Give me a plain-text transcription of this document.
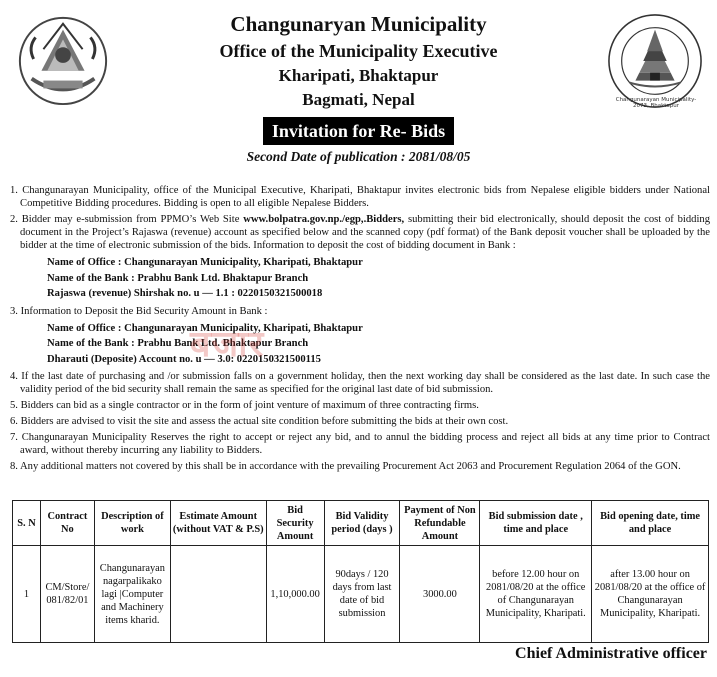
Changunarayan Municipality-2073, Bhaktapur
Changunaryan Municipality
Office of the Municipality Executive
Kharipati, Bhaktapur
Bagmati, Nepal
Invitation for Re- Bids
Second Date of publication : 2081/08/05

1. Changunarayan Municipality, office of the Municipal Executive, Kharipati, Bhaktapur invites electronic bids from Nepalese eligible bidders under National Competitive Bidding procedures. Bidding is open to all eligible Nepalese Bidders.

2. Bidder may e-submission from PPMO’s Web Site www.bolpatra.gov.np./egp,.Bidders, submitting their bid electronically, should deposit the cost of bidding document in the Project’s Rajaswa (revenue) account as specified below and the scanned copy (pdf format) of the Bank deposit voucher shall be uploaded by the bidder at the time of electronic submission of the bids. Information to deposit the cost of bidding document in Bank :

Name of Office : Changunarayan Municipality, Kharipati, Bhaktapur
Name of the Bank : Prabhu Bank Ltd. Bhaktapur Branch
Rajaswa (revenue) Shirshak no. u — 1.1 : 0220150321500018

3. Information to Deposit the Bid Security Amount in Bank :

Name of Office : Changunarayan Municipality, Kharipati, Bhaktapur
Name of the Bank : Prabhu Bank Ltd. Bhaktapur Branch
Dharauti (Deposite) Account no. u — 3.0: 0220150321500115

4. If the last date of purchasing and /or submission falls on a government holiday, then the next working day shall be considered as the last date. In such case the validity period of the bid security shall remain the same as specified for the original last date of bid submission.

5. Bidders can bid as a single contractor or in the form of joint venture of maximum of three contracting firms.

6. Bidders are advised to visit the site and assess the actual site condition before submitting the bids at their own cost.

7. Changunarayan Municipality Reserves the right to accept or reject any bid, and to annul the bidding process and reject all bids at any time prior to Contract award, without thereby incurring any liability to Bidders.

8. Any additional matters not covered by this shall be in accordance with the prevailing Procurement Act 2063 and Procurement Regulation 2064 of the GON.

बजार
S. N	Contract No	Description of work	Estimate Amount (without VAT & P.S)	Bid Security Amount	Bid Validity period (days )	Payment of Non Refundable Amount	Bid submission date , time and place	Bid opening date, time and place
1	CM/Store/ 081/82/01	Changunarayan nagarpalikako lagi |Computer and Machinery items kharid.		1,10,000.00	90days / 120 days from last date of bid submission	3000.00	before 12.00 hour on 2081/08/20 at the office of Changunarayan Municipality, Kharipati.	after 13.00 hour on 2081/08/20 at the office of Changunarayan Municipality, Kharipati.
Chief Administrative officer
